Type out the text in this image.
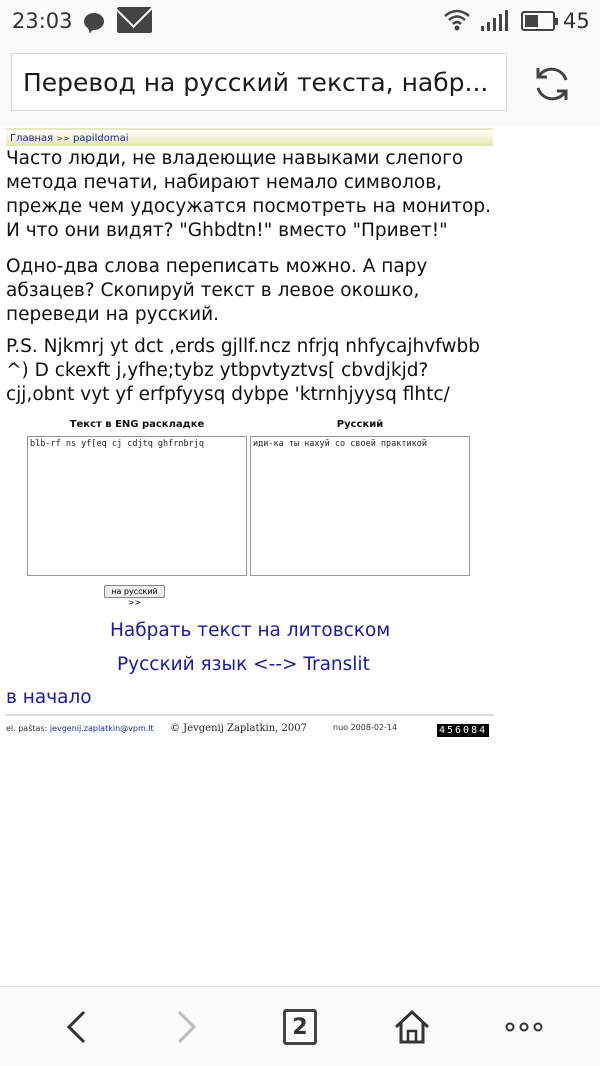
23:03	45
Перевод на русский текста, набр...
Главная >> papildomai

Часто люди, не владеющие навыками слепого метода печати, набирают немало символов, прежде чем удосужатся посмотреть на монитор. И что они видят? "Ghbdtn!" вместо "Привет!"

Одно-два слова переписать можно. А пару абзацев? Скопируй текст в левое окошко, переведи на русский.

P.S. Njkmrj yt dct ,erds gjllf.ncz nfrjq nhfycajhvfwbb ^) D ckexft j,yfhe;tybz ytbpvtyztvs[ cbvdjkjd? cjj,obnt vyt yf erfpfyysq dybpe 'ktrnhjyysq flhtc/

Текст в ENG раскладке	Русский
blb-rf ns yf[eq cj cdjtq ghfrnbrjq
иди-ка ты нахуй со своей практикой
на русский >>
Набрать текст на литовском
Русский язык <--> Translit
в начало
el. paštas: jevgenij.zaplatkin@vpm.lt © Jevgenij Zaplatkin, 2007	nuo 2008-02-14	456084
2
